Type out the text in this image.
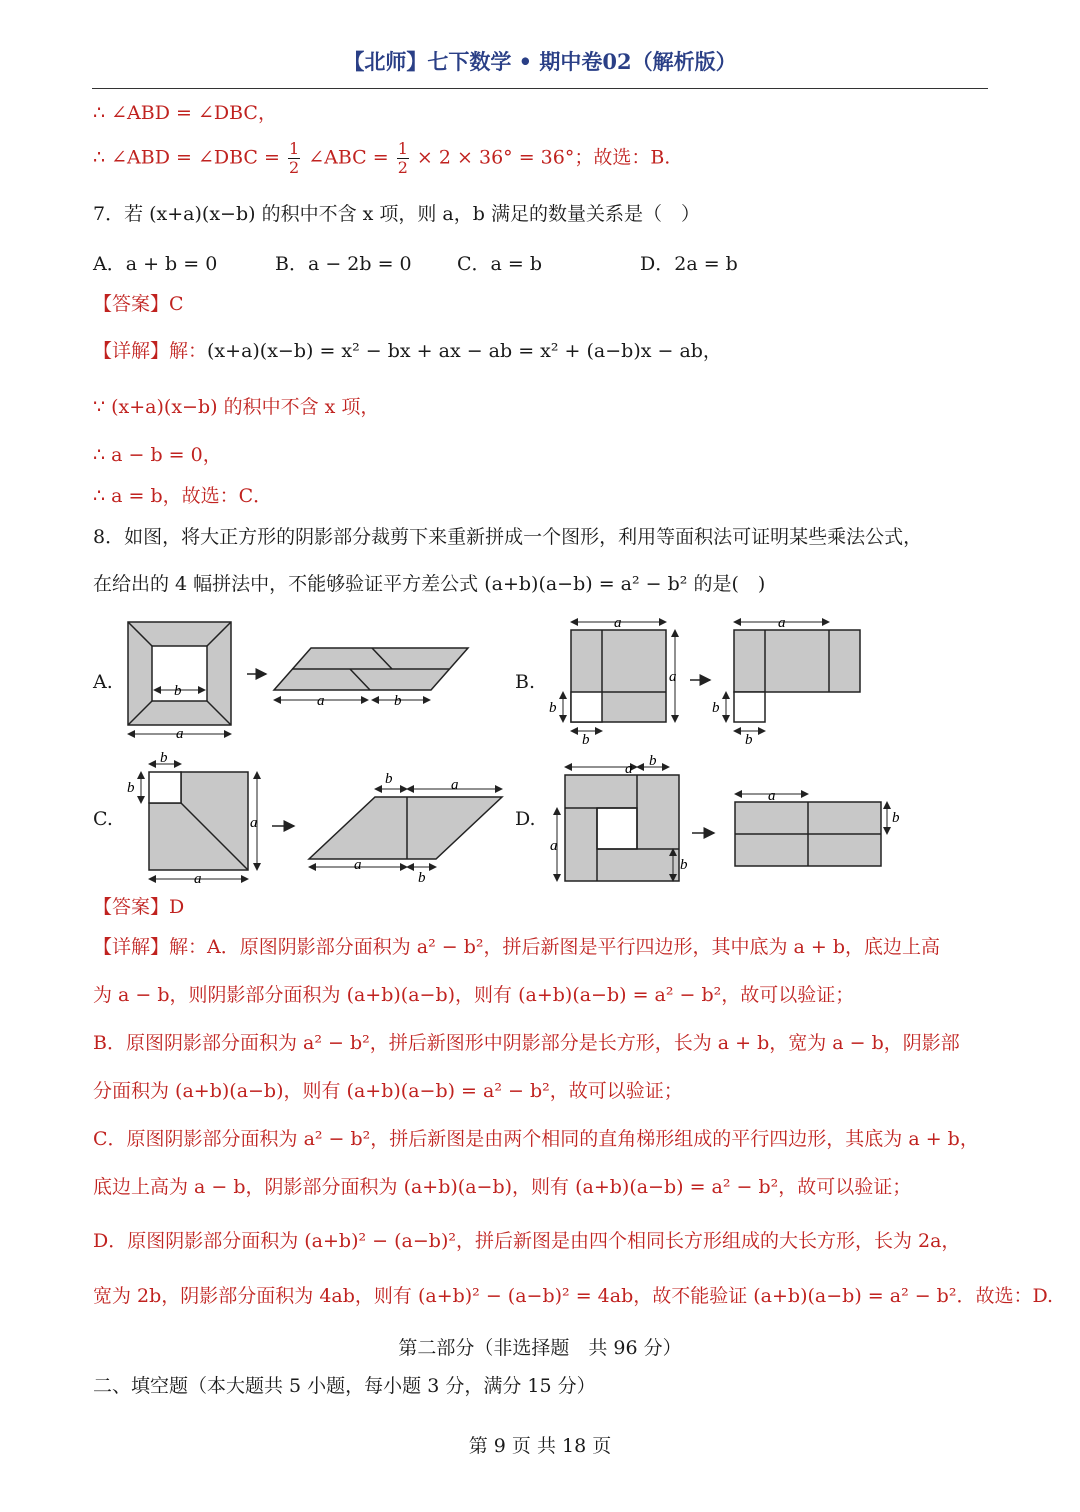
【北师】七下数学 • 期中卷02（解析版）
∴ ∠ABD = ∠DBC，
∴ ∠ABD = ∠DBC = $\frac{1}{2}$ ∠ABC = $\frac{1}{2} \times 2 \times 36^\circ = 36^\circ$；故选：B.
7．若 (x+a)(x−b) 的积中不含 x 项，则 a，b 满足的数量关系是（　）
A．a + b = 0	B．a − 2b = 0 C．a = b	D．2a = b
【答案】C
【详解】解：(x+a)(x−b) = x² − bx + ax − ab = x² + (a−b)x − ab，
∵ (x+a)(x−b) 的积中不含 x 项，
∴ a − b = 0，
∴ a = b，故选：C．
8．如图，将大正方形的阴影部分裁剪下来重新拼成一个图形，利用等面积法可证明某些乘法公式，
在给出的 4 幅拼法中，不能够验证平方差公式 (a+b)(a−b) = a² − b² 的是(　)
A.	B.
C.	D.
b
a
a	b
a
a
b
b
a
b
b
b
b
a
a
b	a
a
b
a b
a
b
a
b
【答案】D
【详解】解：A．原图阴影部分面积为 a² − b²，拼后新图是平行四边形，其中底为 a + b，底边上高
为 a − b，则阴影部分面积为 (a+b)(a−b)，则有 (a+b)(a−b) = a² − b²，故可以验证；
B．原图阴影部分面积为 a² − b²，拼后新图形中阴影部分是长方形，长为 a + b，宽为 a − b，阴影部
分面积为 (a+b)(a−b)，则有 (a+b)(a−b) = a² − b²，故可以验证；
C．原图阴影部分面积为 a² − b²，拼后新图是由两个相同的直角梯形组成的平行四边形，其底为 a + b，
底边上高为 a − b，阴影部分面积为 (a+b)(a−b)，则有 (a+b)(a−b) = a² − b²，故可以验证；
D．原图阴影部分面积为 (a+b)² − (a−b)²，拼后新图是由四个相同长方形组成的大长方形，长为 2a，
宽为 2b，阴影部分面积为 4ab，则有 (a+b)² − (a−b)² = 4ab，故不能验证 (a+b)(a−b) = a² − b²．故选：D.
第二部分（非选择题　共 96 分）
二、填空题（本大题共 5 小题，每小题 3 分，满分 15 分）
第 9 页 共 18 页
